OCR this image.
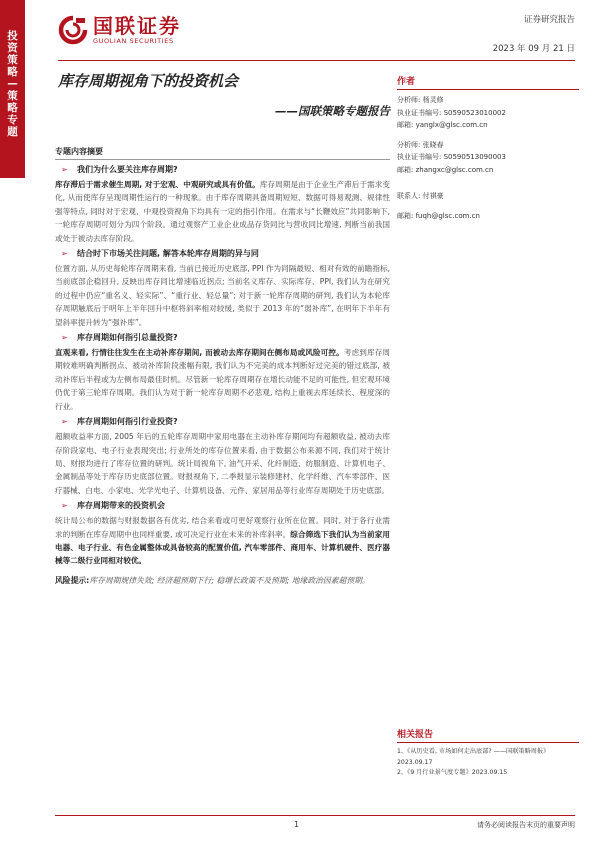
投
资
策
略
—
策
略
专
题
国联证券
GUOLIAN SECURITIES
证券研究报告
2023 年 09 月 21 日
库存周期视角下的投资机会
——国联策略专题报告
专题内容摘要
➢	我们为什么要关注库存周期?
库存滞后于需求催生周期, 对于宏观、中观研究或具有价值。库存周期是由于企业生产滞后于需求变化, 从而使库存呈现周期性运行的一种现象。由于库存周期具备周期短短、数据可得易观测、规律性强等特点, 同时对于宏观、中观投资视角下均具有一定的指引作用。在需求与“长鞭效应”共同影响下, 一轮库存周期可划分为四个阶段。通过观察产工业企业成品存货同比与营收同比增速, 判断当前我国或处于被动去库存阶段。
➢	结合时下市场关注问题, 解答本轮库存周期的异与同
位置方面, 从历史每轮库存周期来看, 当前已接近历史底部, PPI 作为同隔最短、相对有效的前瞻指标, 当前底部企稳回升, 反映出库存同比增速临近拐点; 当前名义库存、实际库存、PPI, 我们认为在研究的过程中仍应“重名义、轻实际”、“重行业、轻总量”; 对于新一轮库存周期的研判, 我们认为本轮库存周期触底后于明年上半年回升中枢将斜率相对较缓, 类似于 2013 年的“弱补库”, 在明年下半年有望斜率提升转为“强补库”。
➢	库存周期如何指引总量投资?
直观来看, 行情往往发生在主动补库存期间, 而被动去库存期间在侧布局或风险可控。考虑到库存周期较难明确判断拐点、被动补库阶段涨幅有限, 我们认为不完美的成本判断好过完美的错过底部, 被动补库后半程或为左侧布局最佳时机。尽管新一轮库存周期存在增长动能不足的可能性, 但宏观环境仍优于第三轮库存周期。我们认为对于新一轮库存周期不必悲观, 结构上重视去库延续长、程度深的行业。
➢	库存周期如何指引行业投资?
超额收益率方面, 2005 年后的五轮库存周期中家用电器在主动补库存期间均有超额收益, 被动去库存阶段家电、电子行业表现突出; 行业所处的库存位置来看, 由于数据公布来源不同, 我们对于统计局、财报均进行了库存位置的研判。统计局视角下, 油气开采、化纤制造、纺服制造、计算机电子、金属制品等处于库存历史底部位置。财报视角下, 二季报显示装修建材、化学纤维、汽车零部件、医疗器械、白电、小家电、光学光电子、计算机设备、元件、家居用品等行业库存周期处于历史底部。
➢	库存周期带来的投资机会
统计局公布的数据与财报数据各有优劣, 结合来看或可更好观察行业所在位置。同时, 对于各行业需求的判断在库存周期中也同样重要, 或可决定行业在未来的补库斜率。综合筛选下我们认为当前家用电器、电子行业、有色金属整体或具备较高的配置价值, 汽车零部件、商用车、计算机硬件、医疗器械等二级行业同相对较优。
风险提示:库存周期规律失效; 经济超预期下行; 稳增长政策不及预期; 地缘政治因素超预期。
作者
分析师: 杨灵修
执业证书编号: S0590523010002
邮箱: yanglx@glsc.com.cn
分析师: 张晓春
执业证书编号: S0590513090003
邮箱: zhangxc@glsc.com.cn
联系人: 付祺豪
邮箱: fuqh@glsc.com.cn
相关报告
1、《从历史看, 市场如何走出底部? ——国联策略周报》2023.09.17
2、《9 月行业景气度专题》2023.09.15
1	请务必阅读报告末页的重要声明
